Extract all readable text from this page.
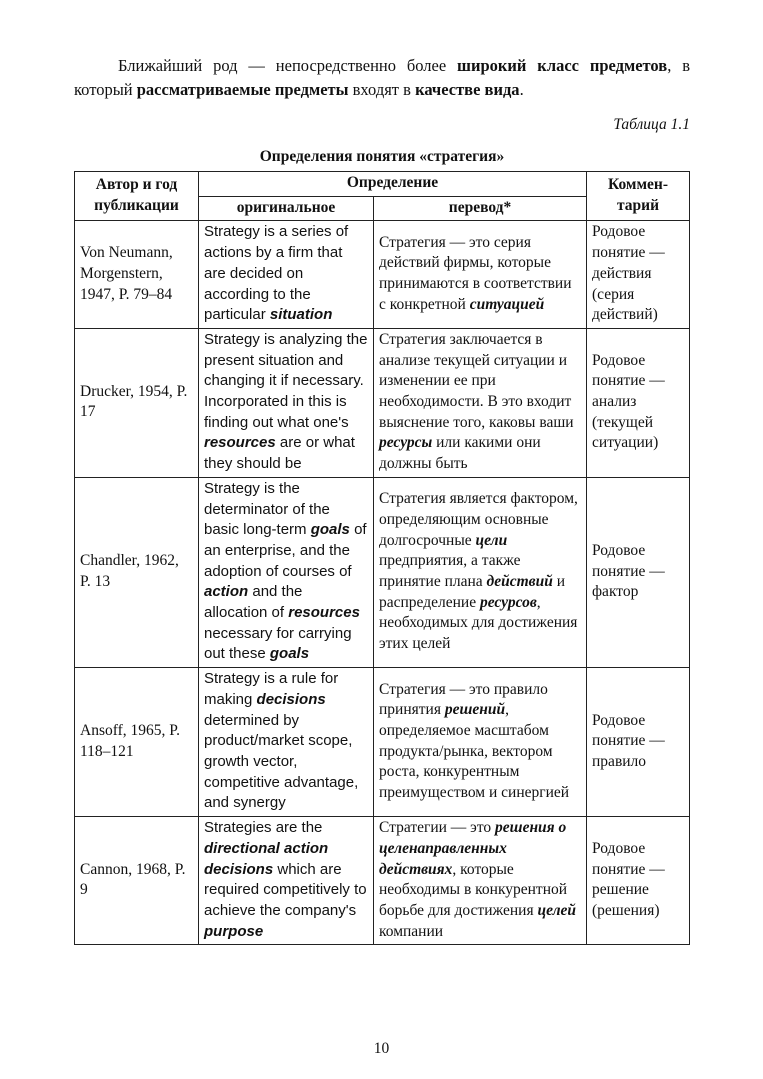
Ближайший род — непосредственно более широкий класс предметов, в который рассматриваемые предметы входят в качестве вида.

Таблица 1.1
Определения понятия «стратегия»
Автор и год публикации	Определение		Коммен-тарий
	оригинальное	перевод*	
Von Neumann, Morgenstern, 1947, P. 79–84	Strategy is a series of actions by a firm that are decided on according to the particular situation	Стратегия — это серия действий фирмы, которые принимаются в соответствии с конкретной ситуацией	Родовое понятие — действия (серия действий)
Drucker, 1954, P. 17	Strategy is analyzing the present situation and changing it if necessary. Incorporated in this is finding out what one's resources are or what they should be	Стратегия заключается в анализе текущей ситуации и изменении ее при необходимости. В это входит выяснение того, каковы ваши ресурсы или какими они должны быть	Родовое понятие — анализ (текущей ситуации)
Chandler, 1962, P. 13	Strategy is the determinator of the basic long-term goals of an enterprise, and the adoption of courses of action and the allocation of resources necessary for carrying out these goals	Стратегия является фактором, определяющим основные долгосрочные цели предприятия, а также принятие плана действий и распределение ресурсов, необходимых для достижения этих целей	Родовое понятие — фактор
Ansoff, 1965, P. 118–121	Strategy is a rule for making decisions determined by product/market scope, growth vector, competitive advantage, and synergy	Стратегия — это правило принятия решений, определяемое масштабом продукта/рынка, вектором роста, конкурентным преимуществом и синергией	Родовое понятие — правило
Cannon, 1968, P. 9	Strategies are the directional action decisions which are required competitively to achieve the company's purpose	Стратегии — это решения о целенаправленных действиях, которые необходимы в конкурентной борьбе для достижения целей компании	Родовое понятие — решение (решения)
10
